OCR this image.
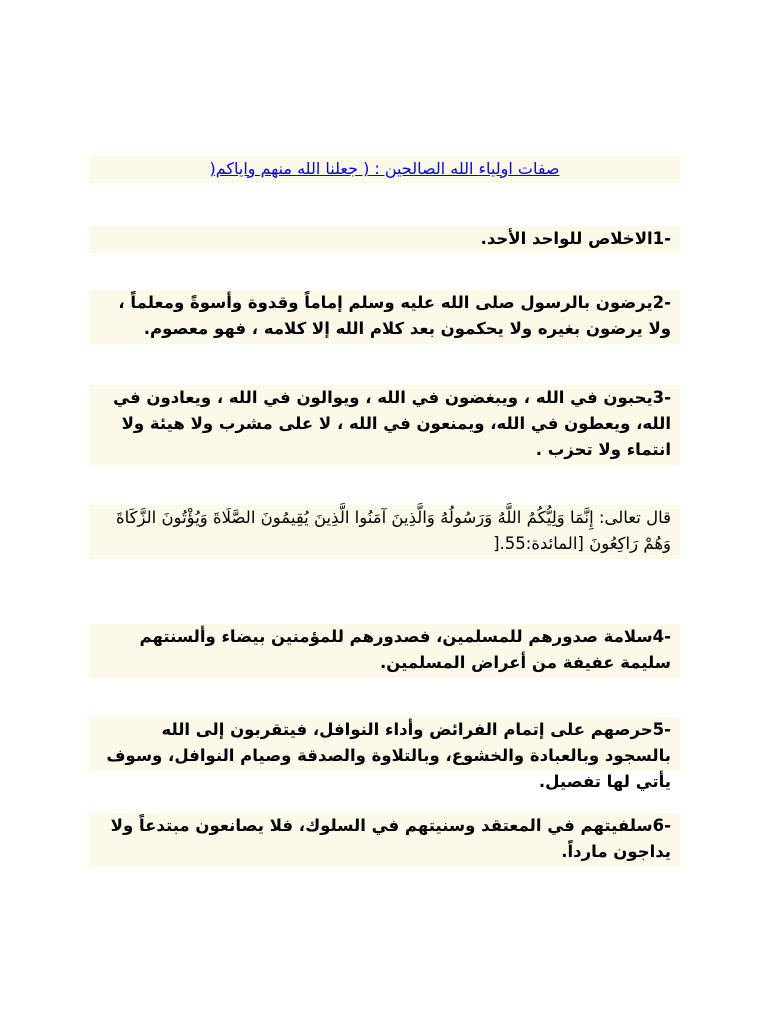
صفات اولياء الله الصالحين : ( جعلنا الله منهم واياكم(
-1الاخلاص للواحد الأحد.
-2يرضون بالرسول صلى الله عليه وسلم إماماً وقدوة وأسوةً ومعلماً ، ولا يرضون بغيره ولا يحكمون بعد كلام الله إلا كلامه ، فهو معصوم.
-3يحبون في الله ، ويبغضون في الله ، ويوالون في الله ، ويعادون في الله، ويعطون في الله، ويمنعون في الله ، لا على مشرب ولا هيئة ولا انتماء ولا تحزب .
قال تعالى: إِنَّمَا وَلِيُّكُمُ اللَّهُ وَرَسُولُهُ وَالَّذِينَ آمَنُوا الَّذِينَ يُقِيمُونَ الصَّلَاةَ وَيُؤْتُونَ الزَّكَاةَ وَهُمْ رَاكِعُونَ [المائدة:55.[
-4سلامة صدورهم للمسلمين، فصدورهم للمؤمنين بيضاء وألسنتهم سليمة عفيفة من أعراض المسلمين.
-5حرصهم على إتمام الفرائض وأداء النوافل، فيتقربون إلى الله بالسجود وبالعبادة والخشوع، وبالتلاوة والصدقة وصيام النوافل، وسوف يأتي لها تفصيل.
-6سلفيتهم في المعتقد وسنيتهم في السلوك، فلا يصانعون مبتدعاً ولا يداجون مارداً.
